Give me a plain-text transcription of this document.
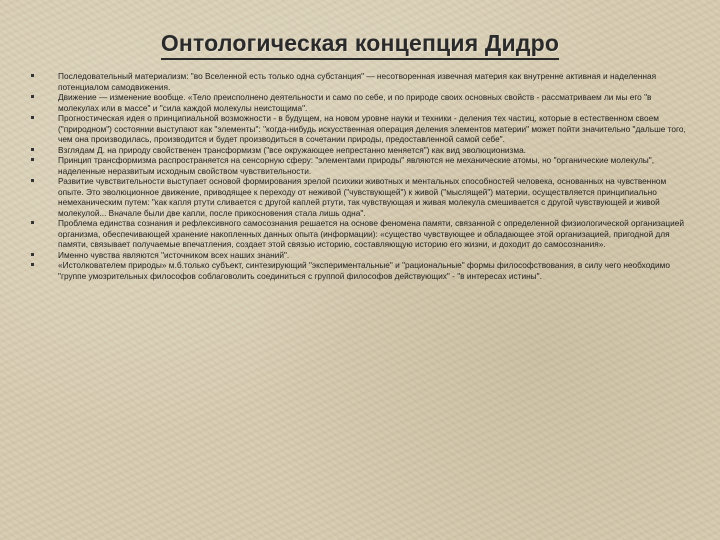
Онтологическая концепция Дидро
Последовательный материализм: "во Вселенной есть только одна субстанция" — несотворенная извечная материя как внутренне активная и наделенная потенциалом самодвижения.
Движение — изменение вообще. «Тело преисполнено деятельности и само по себе, и по природе своих основных свойств - рассматриваем ли мы его "в молекулах или в массе" и "сила каждой молекулы неистощима".
Прогностическая идея о принципиальной возможности - в будущем, на новом уровне науки и техники - деления тех частиц, которые в естественном своем ("природном") состоянии выступают как "элементы": "когда-нибудь искусственная операция деления элементов материи" может пойти значительно "дальше того, чем она производилась, производится и будет производиться в сочетании природы, предоставленной самой себе".
Взглядам Д. на природу свойственен трансформизм ("все окружающее непрестанно меняется") как вид эволюционизма.
Принцип трансформизма распространяется на сенсорную сферу: "элементами природы" являются не механические атомы, но "органические молекулы", наделенные неразвитым исходным свойством чувствительности.
Развитие чувствительности выступает основой формирования зрелой психики животных и ментальных способностей человека, основанных на чувственном опыте. Это эволюционное движение, приводящее к переходу от неживой ("чувствующей") к живой ("мыслящей") материи, осуществляется принципиально немеханическим путем: "как капля ртути сливается с другой каплей ртути, так чувствующая и живая молекула смешивается с другой чувствующей и живой молекулой... Вначале были две капли, после прикосновения стала лишь одна".
Проблема единства сознания и рефлексивного самосознания решается на основе феномена памяти, связанной с определенной физиологической организацией организма, обеспечивающей хранение накопленных данных опыта (информации): «существо чувствующее и обладающее этой организацией, пригодной для памяти, связывает получаемые впечатления, создает этой связью историю, составляющую историю его жизни, и доходит до самосознания».
Именно чувства являются "источником всех наших знаний".
«Истолкователем природы» м.б.только субъект, синтезирующий "экспериментальные" и "рациональные" формы философствования, в силу чего необходимо "группе умозрительных философов соблаговолить соединиться с группой философов действующих" - "в интересах истины".
